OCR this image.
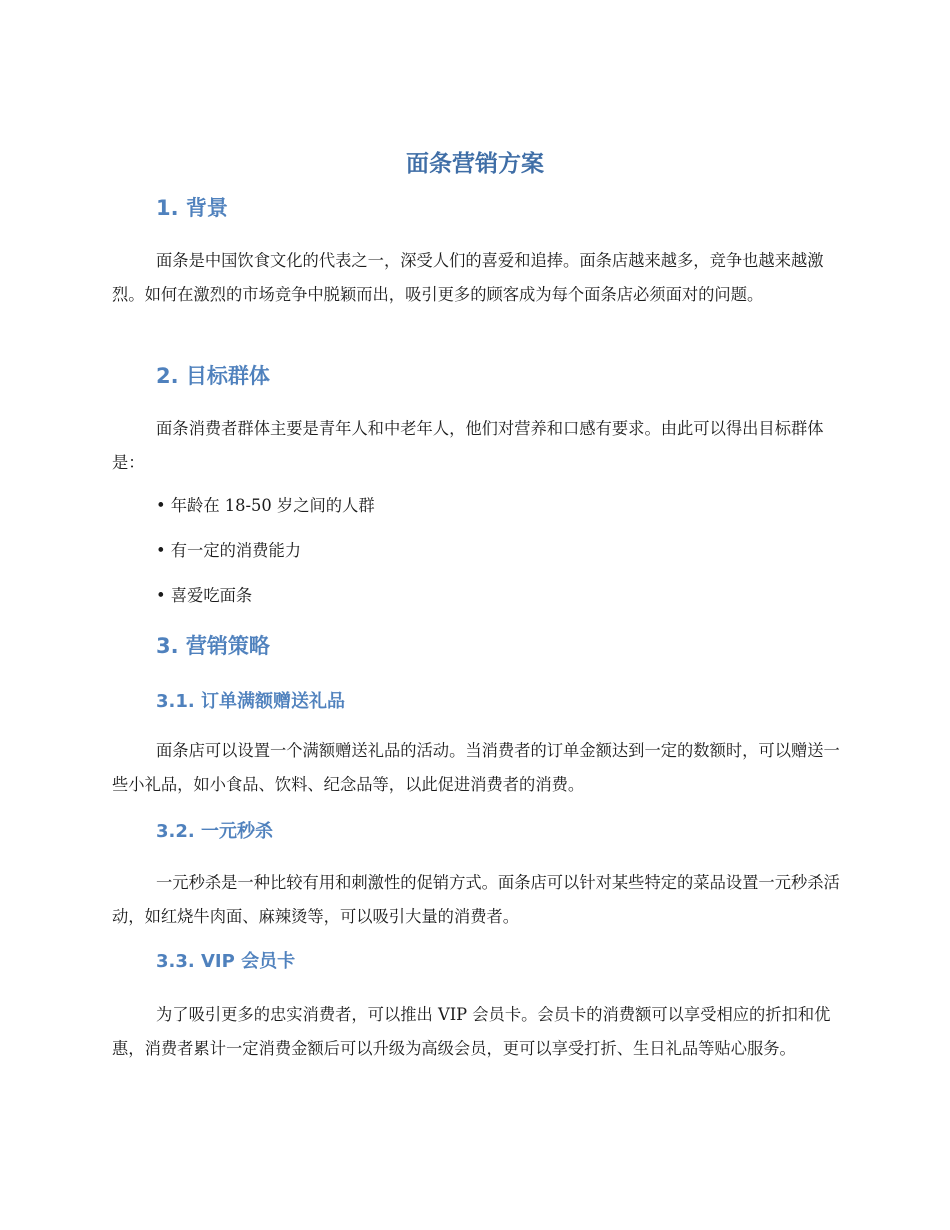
面条营销方案
1. 背景

面条是中国饮食文化的代表之一，深受人们的喜爱和追捧。面条店越来越多，竞争也越来越激烈。如何在激烈的市场竞争中脱颖而出，吸引更多的顾客成为每个面条店必须面对的问题。

2. 目标群体

面条消费者群体主要是青年人和中老年人，他们对营养和口感有要求。由此可以得出目标群体是：

• 年龄在 18-50 岁之间的人群
• 有一定的消费能力
• 喜爱吃面条
3. 营销策略
3.1. 订单满额赠送礼品

面条店可以设置一个满额赠送礼品的活动。当消费者的订单金额达到一定的数额时，可以赠送一些小礼品，如小食品、饮料、纪念品等，以此促进消费者的消费。

3.2. 一元秒杀

一元秒杀是一种比较有用和刺激性的促销方式。面条店可以针对某些特定的菜品设置一元秒杀活动，如红烧牛肉面、麻辣烫等，可以吸引大量的消费者。

3.3. VIP 会员卡

为了吸引更多的忠实消费者，可以推出 VIP 会员卡。会员卡的消费额可以享受相应的折扣和优惠，消费者累计一定消费金额后可以升级为高级会员，更可以享受打折、生日礼品等贴心服务。
